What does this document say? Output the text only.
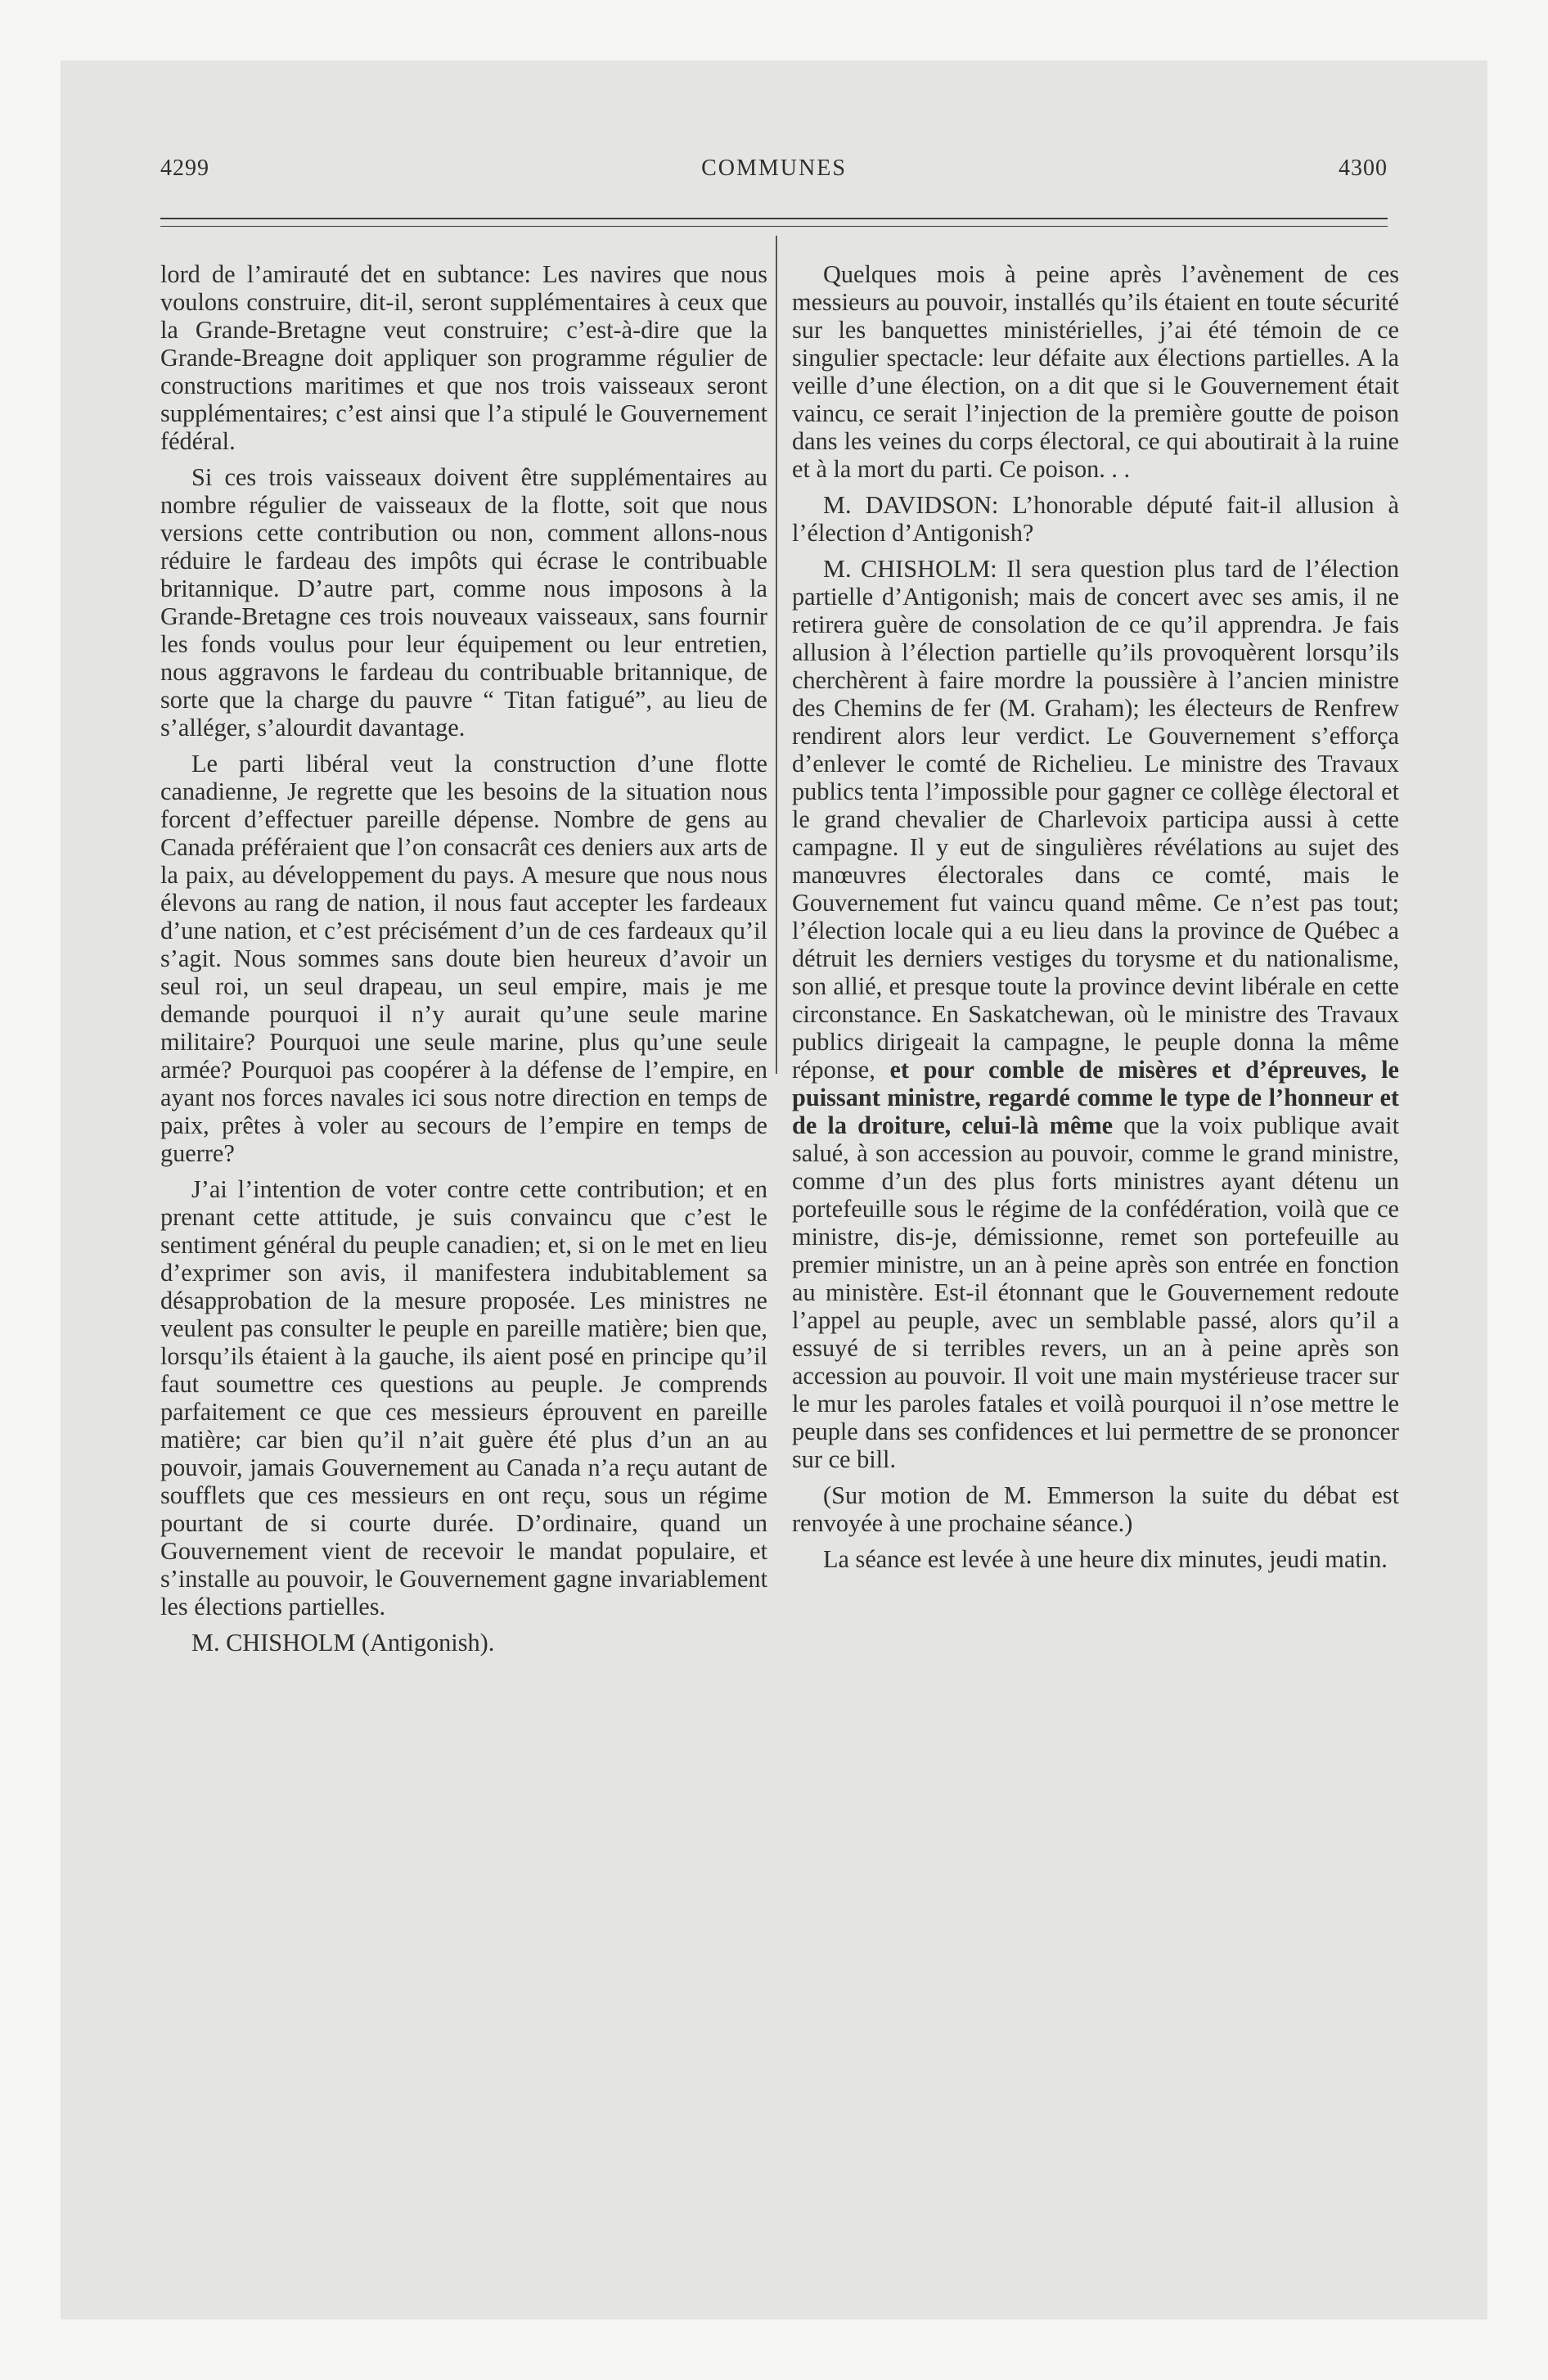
4299	COMMUNES	4300

lord de l’amirauté det en subtance: Les navires que nous voulons construire, dit-il, seront supplémentaires à ceux que la Grande-Bretagne veut construire; c’est-à-dire que la Grande-Breagne doit appliquer son programme régulier de constructions maritimes et que nos trois vaisseaux seront supplémentaires; c’est ainsi que l’a stipulé le Gouvernement fédéral.

Si ces trois vaisseaux doivent être supplémentaires au nombre régulier de vaisseaux de la flotte, soit que nous versions cette contribution ou non, comment allons-nous réduire le fardeau des impôts qui écrase le contribuable britannique. D’autre part, comme nous imposons à la Grande-Bretagne ces trois nouveaux vaisseaux, sans fournir les fonds voulus pour leur équipement ou leur entretien, nous aggravons le fardeau du contribuable britannique, de sorte que la charge du pauvre “ Titan fatigué”, au lieu de s’alléger, s’alourdit davantage.

Le parti libéral veut la construction d’une flotte canadienne, Je regrette que les besoins de la situation nous forcent d’effectuer pareille dépense. Nombre de gens au Canada préféraient que l’on consacrât ces deniers aux arts de la paix, au développement du pays. A mesure que nous nous élevons au rang de nation, il nous faut accepter les fardeaux d’une nation, et c’est précisément d’un de ces fardeaux qu’il s’agit. Nous sommes sans doute bien heureux d’avoir un seul roi, un seul drapeau, un seul empire, mais je me demande pourquoi il n’y aurait qu’une seule marine militaire? Pourquoi une seule marine, plus qu’une seule armée? Pourquoi pas coopérer à la défense de l’empire, en ayant nos forces navales ici sous notre direction en temps de paix, prêtes à voler au secours de l’empire en temps de guerre?

J’ai l’intention de voter contre cette contribution; et en prenant cette attitude, je suis convaincu que c’est le sentiment général du peuple canadien; et, si on le met en lieu d’exprimer son avis, il manifestera indubitablement sa désapprobation de la mesure proposée. Les ministres ne veulent pas consulter le peuple en pareille matière; bien que, lorsqu’ils étaient à la gauche, ils aient posé en principe qu’il faut soumettre ces questions au peuple. Je comprends parfaitement ce que ces messieurs éprouvent en pareille matière; car bien qu’il n’ait guère été plus d’un an au pouvoir, jamais Gouvernement au Canada n’a reçu autant de soufflets que ces messieurs en ont reçu, sous un régime pourtant de si courte durée. D’ordinaire, quand un Gouvernement vient de recevoir le mandat populaire, et s’installe au pouvoir, le Gouvernement gagne invariablement les élections partielles.

M. CHISHOLM (Antigonish).

Quelques mois à peine après l’avènement de ces messieurs au pouvoir, installés qu’ils étaient en toute sécurité sur les banquettes ministérielles, j’ai été témoin de ce singulier spectacle: leur défaite aux élections partielles. A la veille d’une élection, on a dit que si le Gouvernement était vaincu, ce serait l’injection de la première goutte de poison dans les veines du corps électoral, ce qui aboutirait à la ruine et à la mort du parti. Ce poison. . .

M. DAVIDSON: L’honorable député fait-il allusion à l’élection d’Antigonish?

M. CHISHOLM: Il sera question plus tard de l’élection partielle d’Antigonish; mais de concert avec ses amis, il ne retirera guère de consolation de ce qu’il apprendra. Je fais allusion à l’élection partielle qu’ils provoquèrent lorsqu’ils cherchèrent à faire mordre la poussière à l’ancien ministre des Chemins de fer (M. Graham); les électeurs de Renfrew rendirent alors leur verdict. Le Gouvernement s’efforça d’enlever le comté de Richelieu. Le ministre des Travaux publics tenta l’impossible pour gagner ce collège électoral et le grand chevalier de Charlevoix participa aussi à cette campagne. Il y eut de singulières révélations au sujet des manœuvres électorales dans ce comté, mais le Gouvernement fut vaincu quand même. Ce n’est pas tout; l’élection locale qui a eu lieu dans la province de Québec a détruit les derniers vestiges du torysme et du nationalisme, son allié, et presque toute la province devint libérale en cette circonstance. En Saskatchewan, où le ministre des Travaux publics dirigeait la campagne, le peuple donna la même réponse, et pour comble de misères et d’épreuves, le puissant ministre, regardé comme le type de l’honneur et de la droiture, celui-là même que la voix publique avait salué, à son accession au pouvoir, comme le grand ministre, comme d’un des plus forts ministres ayant détenu un portefeuille sous le régime de la confédération, voilà que ce ministre, dis-je, démissionne, remet son portefeuille au premier ministre, un an à peine après son entrée en fonction au ministère. Est-il étonnant que le Gouvernement redoute l’appel au peuple, avec un semblable passé, alors qu’il a essuyé de si terribles revers, un an à peine après son accession au pouvoir. Il voit une main mystérieuse tracer sur le mur les paroles fatales et voilà pourquoi il n’ose mettre le peuple dans ses confidences et lui permettre de se prononcer sur ce bill.

(Sur motion de M. Emmerson la suite du débat est renvoyée à une prochaine séance.)

La séance est levée à une heure dix minutes, jeudi matin.
